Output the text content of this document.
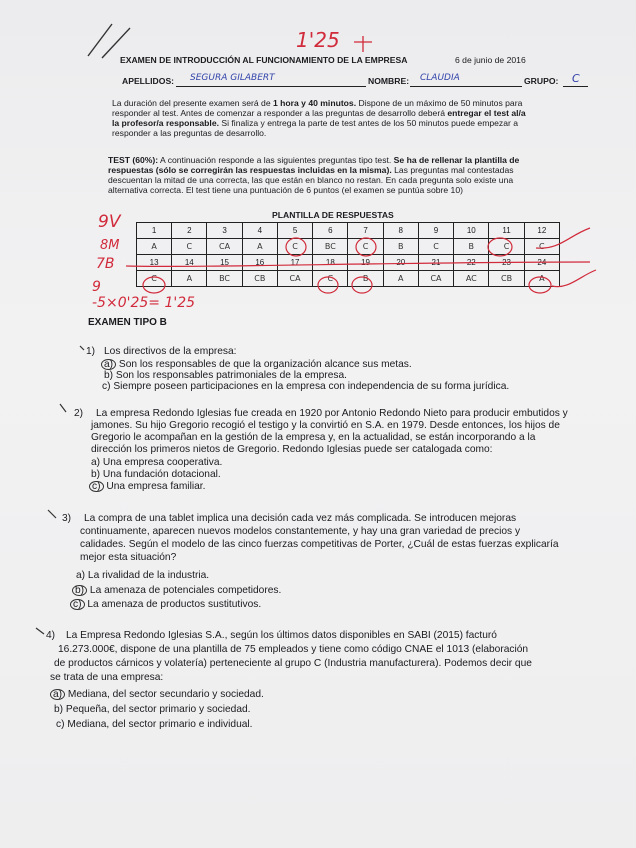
1'25
EXAMEN DE INTRODUCCIÓN AL FUNCIONAMIENTO DE LA EMPRESA	6 de junio de 2016
APELLIDOS: SEGURA GILABERT	NOMBRE: CLAUDIA	GRUPO: C
La duración del presente examen será de 1 hora y 40 minutos. Dispone de un máximo de 50 minutos para
responder al test. Antes de comenzar a responder a las preguntas de desarrollo deberá entregar el test al/a
la profesor/a responsable. Si finaliza y entrega la parte de test antes de los 50 minutos puede empezar a
responder a las preguntas de desarrollo.
TEST (60%): A continuación responde a las siguientes preguntas tipo test. Se ha de rellenar la plantilla de
respuestas (sólo se corregirán las respuestas incluidas en la misma). Las preguntas mal contestadas
descuentan la mitad de una correcta, las que están en blanco no restan. En cada pregunta solo existe una
alternativa correcta. El test tiene una puntuación de 6 puntos (el examen se puntúa sobre 10)
PLANTILLA DE RESPUESTAS
1	2	3	4	5	6	7	8	9	10	11	12
A	C	CA	A	C	BC	C	B	C	B	C	C
13	14	15	16	17	18	19	20	21	22	23	24
C	A	BC	CB	CA	C	B	A	CA	AC	CB	A
9V
8M
7B
9
-5×0'25= 1'25
EXAMEN TIPO B
1) Los directivos de la empresa:
a) Son los responsables de que la organización alcance sus metas.
b) Son los responsables patrimoniales de la empresa.
c) Siempre poseen participaciones en la empresa con independencia de su forma jurídica.
2) La empresa Redondo Iglesias fue creada en 1920 por Antonio Redondo Nieto para producir embutidos y
jamones. Su hijo Gregorio recogió el testigo y la convirtió en S.A. en 1979. Desde entonces, los hijos de
Gregorio le acompañan en la gestión de la empresa y, en la actualidad, se están incorporando a la
dirección los primeros nietos de Gregorio. Redondo Iglesias puede ser catalogada como:
a) Una empresa cooperativa.
b) Una fundación dotacional.
c) Una empresa familiar.
3) La compra de una tablet implica una decisión cada vez más complicada. Se introducen mejoras
continuamente, aparecen nuevos modelos constantemente, y hay una gran variedad de precios y
calidades. Según el modelo de las cinco fuerzas competitivas de Porter, ¿Cuál de estas fuerzas explicaría
mejor esta situación?
a) La rivalidad de la industria.
b) La amenaza de potenciales competidores.
c) La amenaza de productos sustitutivos.
4) La Empresa Redondo Iglesias S.A., según los últimos datos disponibles en SABI (2015) facturó
16.273.000€, dispone de una plantilla de 75 empleados y tiene como código CNAE el 1013 (elaboración
de productos cárnicos y volatería) perteneciente al grupo C (Industria manufacturera). Podemos decir que
se trata de una empresa:
a) Mediana, del sector secundario y sociedad.
b) Pequeña, del sector primario y sociedad.
c) Mediana, del sector primario e individual.
